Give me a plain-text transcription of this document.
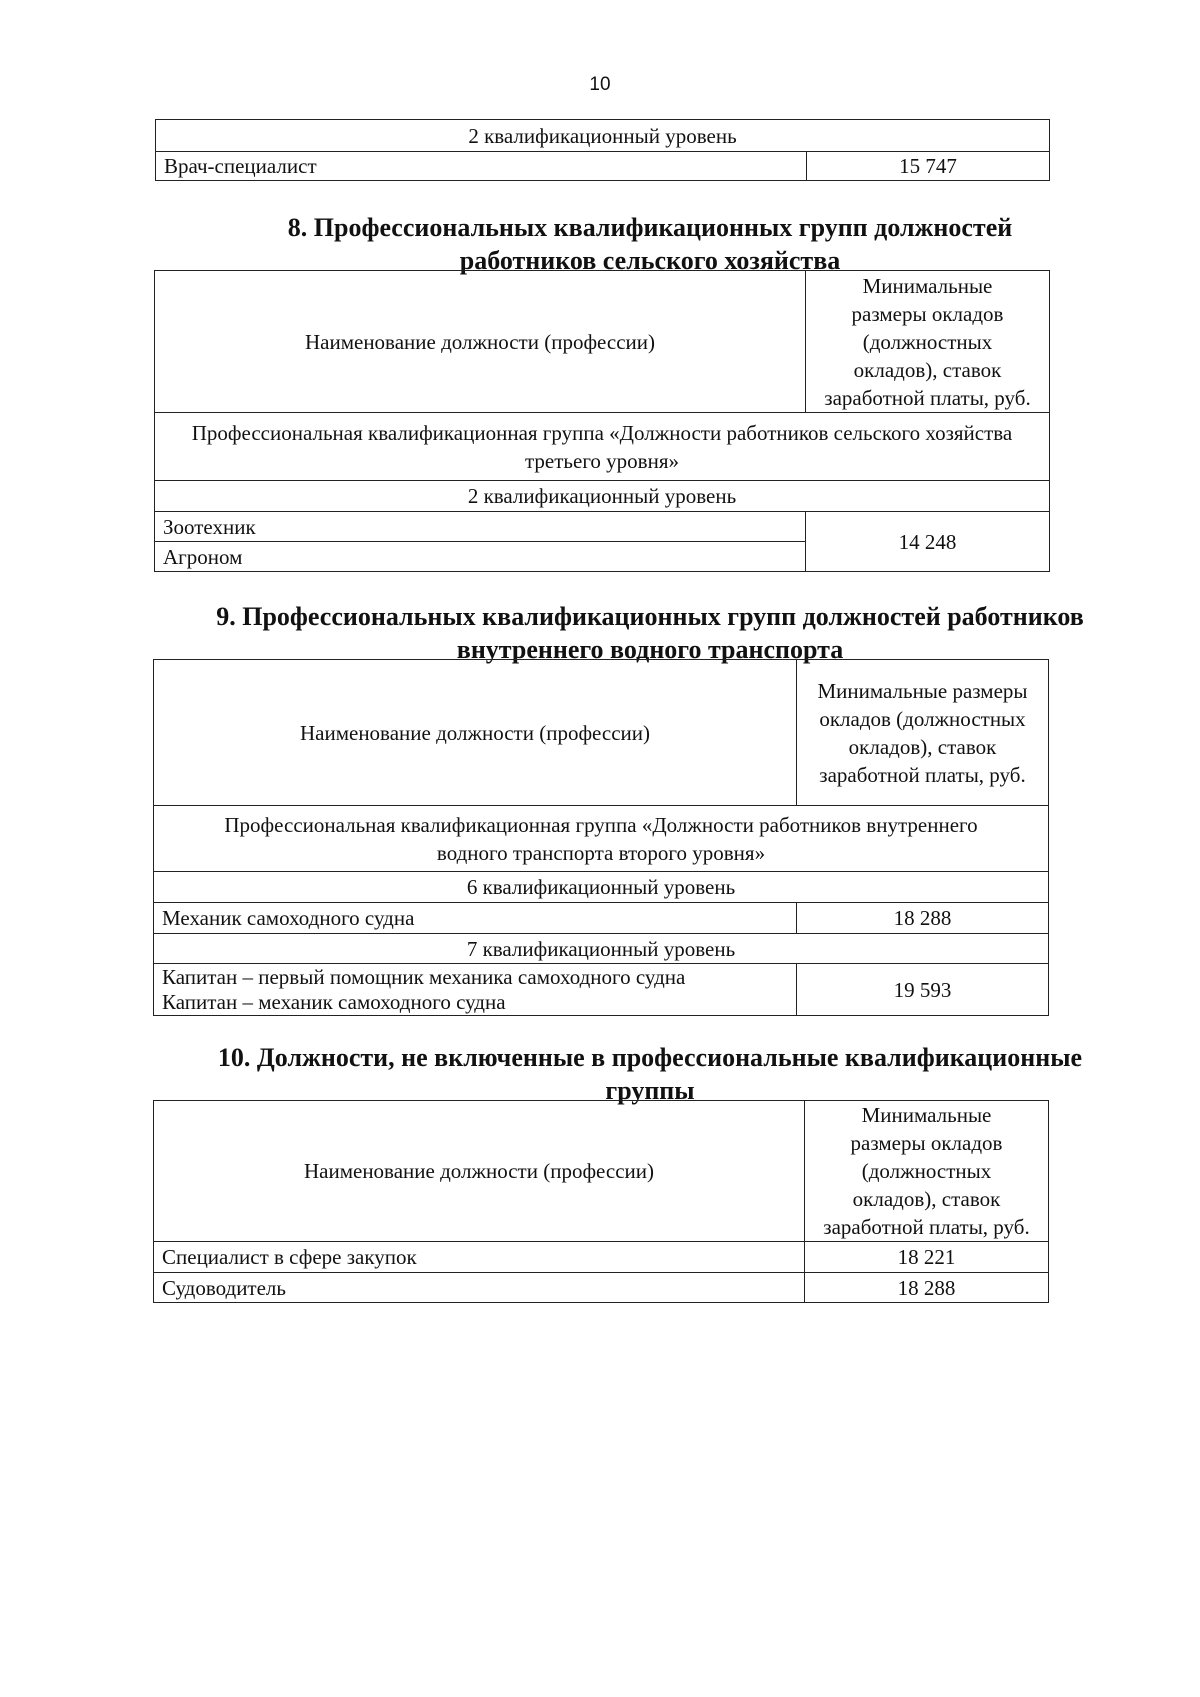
10
2 квалификационный уровень
Врач-специалист	15 747
8. Профессиональных квалификационных групп должностей
работников сельского хозяйства
Наименование должности (профессии)	Минимальные
размеры окладов
(должностных
окладов), ставок
заработной платы, руб.

Профессиональная квалификационная группа «Должности работников сельского хозяйства
третьего уровня»	

2 квалификационный уровень	
Зоотехник	14 248
Агроном	
9. Профессиональных квалификационных групп должностей работников
внутреннего водного транспорта
Наименование должности (профессии)	Минимальные размеры
окладов (должностных
окладов), ставок
заработной платы, руб.

Профессиональная квалификационная группа «Должности работников внутреннего
водного транспорта второго уровня»	

6 квалификационный уровень	
Механик самоходного судна	18 288
7 квалификационный уровень	

Капитан – первый помощник механика самоходного судна
Капитан – механик самоходного судна	19 593
10. Должности, не включенные в профессиональные квалификационные
группы
Наименование должности (профессии)	Минимальные
размеры окладов
(должностных
окладов), ставок
заработной платы, руб.

Специалист в сфере закупок	18 221
Судоводитель	18 288
